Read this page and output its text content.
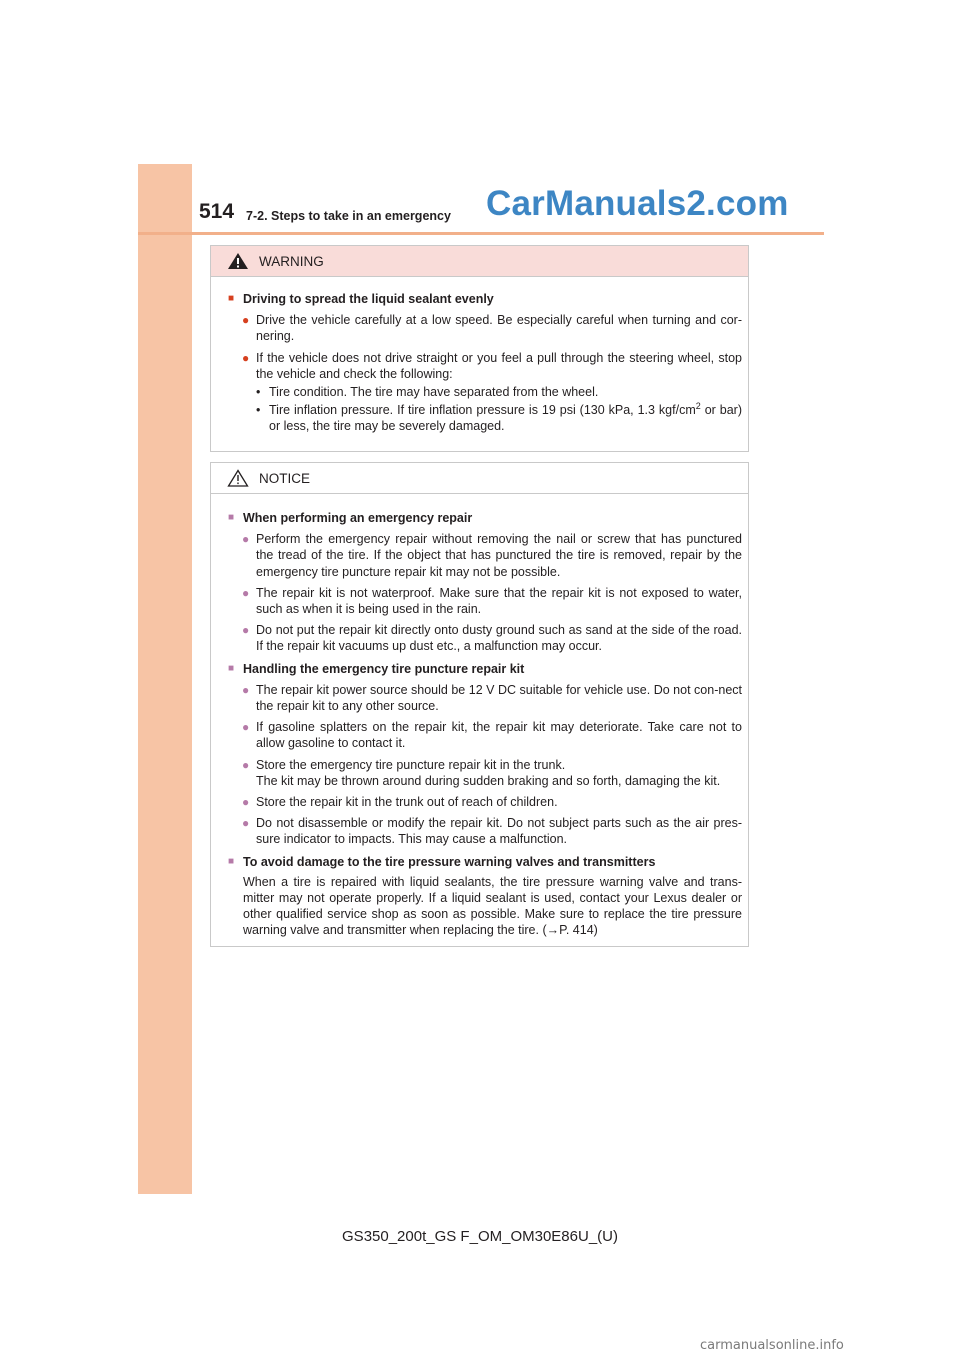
514 7-2. Steps to take in an emergency CarManuals2.com
WARNING
■ Driving to spread the liquid sealant evenly
● Drive the vehicle carefully at a low speed. Be especially careful when turning and cor-nering.
● If the vehicle does not drive straight or you feel a pull through the steering wheel, stop the vehicle and check the following:
• Tire condition. The tire may have separated from the wheel.
• Tire inflation pressure. If tire inflation pressure is 19 psi (130 kPa, 1.3 kgf/$cm^2$ or bar) or less, the tire may be severely damaged.
NOTICE
■ When performing an emergency repair
● Perform the emergency repair without removing the nail or screw that has punctured the tread of the tire. If the object that has punctured the tire is removed, repair by the emergency tire puncture repair kit may not be possible.
● The repair kit is not waterproof. Make sure that the repair kit is not exposed to water, such as when it is being used in the rain.
● Do not put the repair kit directly onto dusty ground such as sand at the side of the road. If the repair kit vacuums up dust etc., a malfunction may occur.
■ Handling the emergency tire puncture repair kit
● The repair kit power source should be 12 V DC suitable for vehicle use. Do not con-nect the repair kit to any other source.
● If gasoline splatters on the repair kit, the repair kit may deteriorate. Take care not to allow gasoline to contact it.
● Store the emergency tire puncture repair kit in the trunk.
The kit may be thrown around during sudden braking and so forth, damaging the kit.
● Store the repair kit in the trunk out of reach of children.
● Do not disassemble or modify the repair kit. Do not subject parts such as the air pres-sure indicator to impacts. This may cause a malfunction.
■ To avoid damage to the tire pressure warning valves and transmitters
When a tire is repaired with liquid sealants, the tire pressure warning valve and trans-mitter may not operate properly. If a liquid sealant is used, contact your Lexus dealer or other qualified service shop as soon as possible. Make sure to replace the tire pressure warning valve and transmitter when replacing the tire. (→P. 414)
GS350_200t_GS F_OM_OM30E86U_(U)
carmanualsonline.info
